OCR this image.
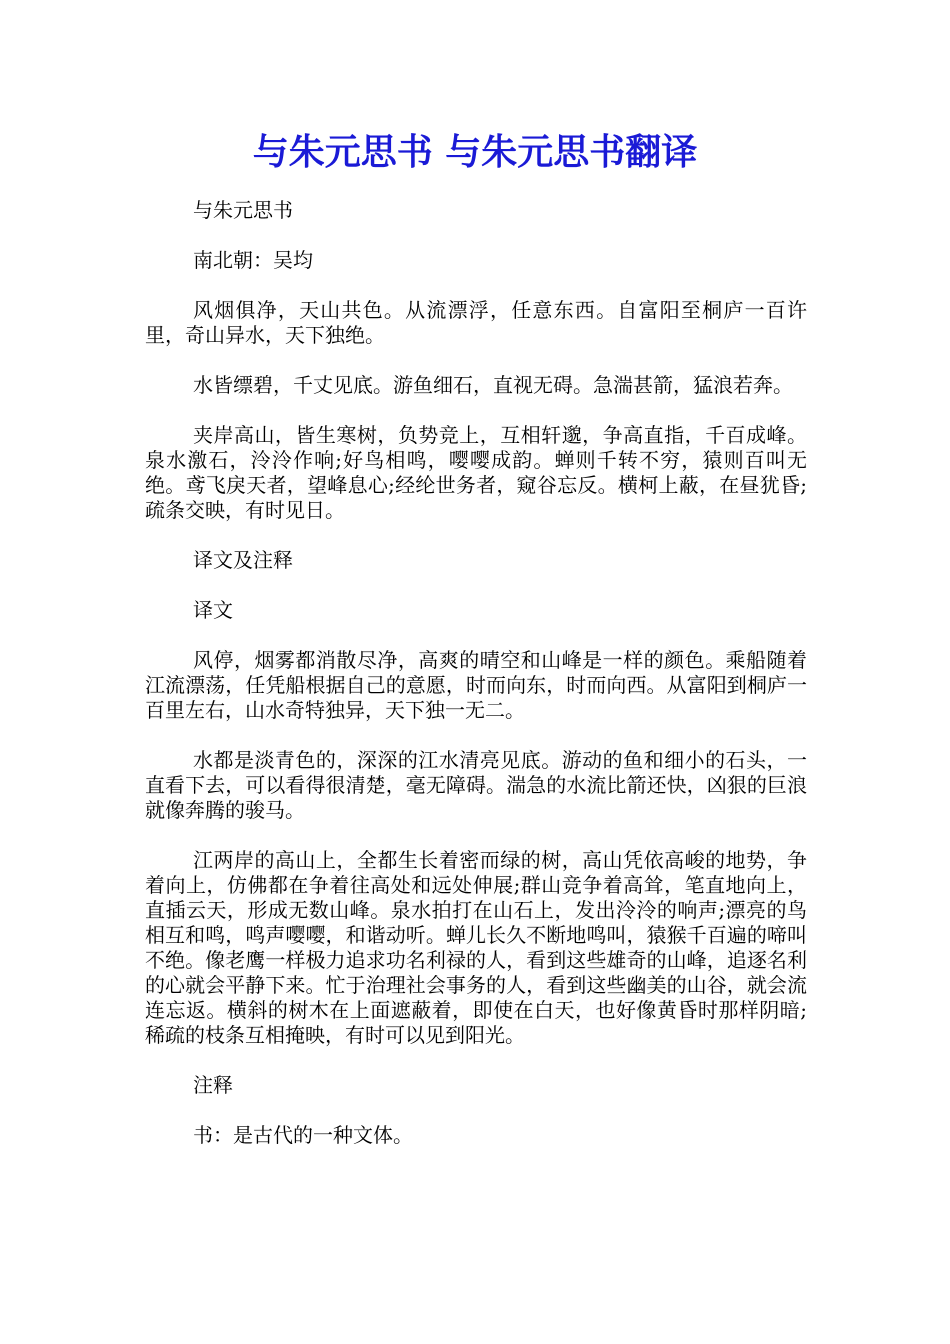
与朱元思书 与朱元思书翻译

与朱元思书

南北朝：吴均

风烟俱净，天山共色。从流漂浮，任意东西。自富阳至桐庐一百许里，奇山异水，天下独绝。

水皆缥碧，千丈见底。游鱼细石，直视无碍。急湍甚箭，猛浪若奔。

夹岸高山，皆生寒树，负势竞上，互相轩邈，争高直指，千百成峰。泉水激石，泠泠作响;好鸟相鸣，嘤嘤成韵。蝉则千转不穷，猿则百叫无绝。鸢飞戾天者，望峰息心;经纶世务者，窥谷忘反。横柯上蔽，在昼犹昏;疏条交映，有时见日。

译文及注释

译文

风停，烟雾都消散尽净，高爽的晴空和山峰是一样的颜色。乘船随着江流漂荡，任凭船根据自己的意愿，时而向东，时而向西。从富阳到桐庐一百里左右，山水奇特独异，天下独一无二。

水都是淡青色的，深深的江水清亮见底。游动的鱼和细小的石头，一直看下去，可以看得很清楚，毫无障碍。湍急的水流比箭还快，凶狠的巨浪就像奔腾的骏马。

江两岸的高山上，全都生长着密而绿的树，高山凭依高峻的地势，争着向上，仿佛都在争着往高处和远处伸展;群山竞争着高耸，笔直地向上，直插云天，形成无数山峰。泉水拍打在山石上，发出泠泠的响声;漂亮的鸟相互和鸣，鸣声嘤嘤，和谐动听。蝉儿长久不断地鸣叫，猿猴千百遍的啼叫不绝。像老鹰一样极力追求功名利禄的人，看到这些雄奇的山峰，追逐名利的心就会平静下来。忙于治理社会事务的人，看到这些幽美的山谷，就会流连忘返。横斜的树木在上面遮蔽着，即使在白天，也好像黄昏时那样阴暗;稀疏的枝条互相掩映，有时可以见到阳光。

注释

书：是古代的一种文体。
